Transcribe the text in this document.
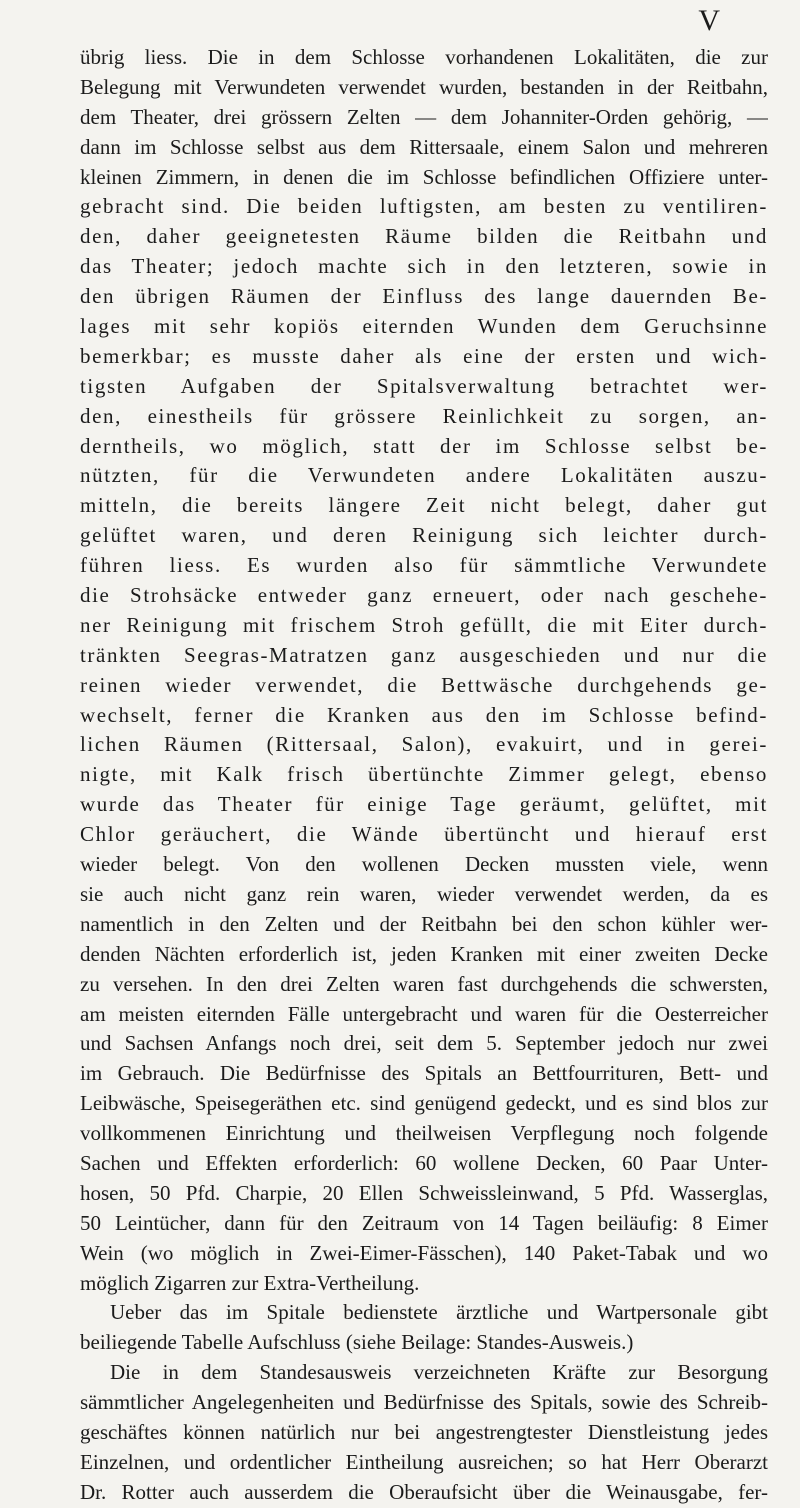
V
übrig liess. Die in dem Schlosse vorhandenen Lokalitäten, die zur
Belegung mit Verwundeten verwendet wurden, bestanden in der Reitbahn,
dem Theater, drei grössern Zelten — dem Johanniter-Orden gehörig, —
dann im Schlosse selbst aus dem Rittersaale, einem Salon und mehreren
kleinen Zimmern, in denen die im Schlosse befindlichen Offiziere unter-
gebracht sind. Die beiden luftigsten, am besten zu ventiliren-
den, daher geeignetesten Räume bilden die Reitbahn und
das Theater; jedoch machte sich in den letzteren, sowie in
den übrigen Räumen der Einfluss des lange dauernden Be-
lages mit sehr kopiös eiternden Wunden dem Geruchsinne
bemerkbar; es musste daher als eine der ersten und wich-
tigsten Aufgaben der Spitalsverwaltung betrachtet wer-
den, einestheils für grössere Reinlichkeit zu sorgen, an-
derntheils, wo möglich, statt der im Schlosse selbst be-
nützten, für die Verwundeten andere Lokalitäten auszu-
mitteln, die bereits längere Zeit nicht belegt, daher gut
gelüftet waren, und deren Reinigung sich leichter durch-
führen liess. Es wurden also für sämmtliche Verwundete
die Strohsäcke entweder ganz erneuert, oder nach geschehe-
ner Reinigung mit frischem Stroh gefüllt, die mit Eiter durch-
tränkten Seegras-Matratzen ganz ausgeschieden und nur die
reinen wieder verwendet, die Bettwäsche durchgehends ge-
wechselt, ferner die Kranken aus den im Schlosse befind-
lichen Räumen (Rittersaal, Salon), evakuirt, und in gerei-
nigte, mit Kalk frisch übertünchte Zimmer gelegt, ebenso
wurde das Theater für einige Tage geräumt, gelüftet, mit
Chlor geräuchert, die Wände übertüncht und hierauf erst
wieder belegt. Von den wollenen Decken mussten viele, wenn
sie auch nicht ganz rein waren, wieder verwendet werden, da es
namentlich in den Zelten und der Reitbahn bei den schon kühler wer-
denden Nächten erforderlich ist, jeden Kranken mit einer zweiten Decke
zu versehen. In den drei Zelten waren fast durchgehends die schwersten,
am meisten eiternden Fälle untergebracht und waren für die Oesterreicher
und Sachsen Anfangs noch drei, seit dem 5. September jedoch nur zwei
im Gebrauch. Die Bedürfnisse des Spitals an Bettfourrituren, Bett- und
Leibwäsche, Speisegeräthen etc. sind genügend gedeckt, und es sind blos zur
vollkommenen Einrichtung und theilweisen Verpflegung noch folgende
Sachen und Effekten erforderlich: 60 wollene Decken, 60 Paar Unter-
hosen, 50 Pfd. Charpie, 20 Ellen Schweissleinwand, 5 Pfd. Wasserglas,
50 Leintücher, dann für den Zeitraum von 14 Tagen beiläufig: 8 Eimer
Wein (wo möglich in Zwei-Eimer-Fässchen), 140 Paket-Tabak und wo
möglich Zigarren zur Extra-Vertheilung.
Ueber das im Spitale bedienstete ärztliche und Wartpersonale gibt
beiliegende Tabelle Aufschluss (siehe Beilage: Standes-Ausweis.)
Die in dem Standesausweis verzeichneten Kräfte zur Besorgung
sämmtlicher Angelegenheiten und Bedürfnisse des Spitals, sowie des Schreib-
geschäftes können natürlich nur bei angestrengtester Dienstleistung jedes
Einzelnen, und ordentlicher Eintheilung ausreichen; so hat Herr Oberarzt
Dr. Rotter auch ausserdem die Oberaufsicht über die Weinausgabe, fer-
